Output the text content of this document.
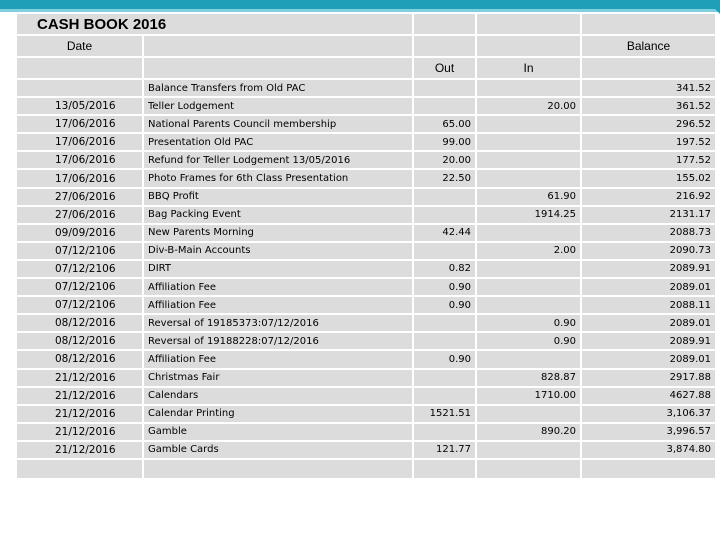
CASH BOOK 2016				
Date				Balance
		Out	In	
	Balance Transfers from Old PAC			341.52
13/05/2016	Teller Lodgement		20.00	361.52
17/06/2016	National Parents Council membership	65.00		296.52
17/06/2016	Presentation Old PAC	99.00		197.52
17/06/2016	Refund for Teller Lodgement 13/05/2016	20.00		177.52
17/06/2016	Photo Frames for 6th Class Presentation	22.50		155.02
27/06/2016	BBQ Profit		61.90	216.92
27/06/2016	Bag Packing Event		1914.25	2131.17
09/09/2016	New Parents Morning	42.44		2088.73
07/12/2106	Div-B-Main Accounts		2.00	2090.73
07/12/2106	DIRT	0.82		2089.91
07/12/2106	Affiliation Fee	0.90		2089.01
07/12/2106	Affiliation Fee	0.90		2088.11
08/12/2016	Reversal of 19185373:07/12/2016		0.90	2089.01
08/12/2016	Reversal of 19188228:07/12/2016		0.90	2089.91
08/12/2016	Affiliation Fee	0.90		2089.01
21/12/2016	Christmas Fair		828.87	2917.88
21/12/2016	Calendars		1710.00	4627.88
21/12/2016	Calendar Printing	1521.51		3,106.37
21/12/2016	Gamble		890.20	3,996.57
21/12/2016	Gamble Cards	121.77		3,874.80
